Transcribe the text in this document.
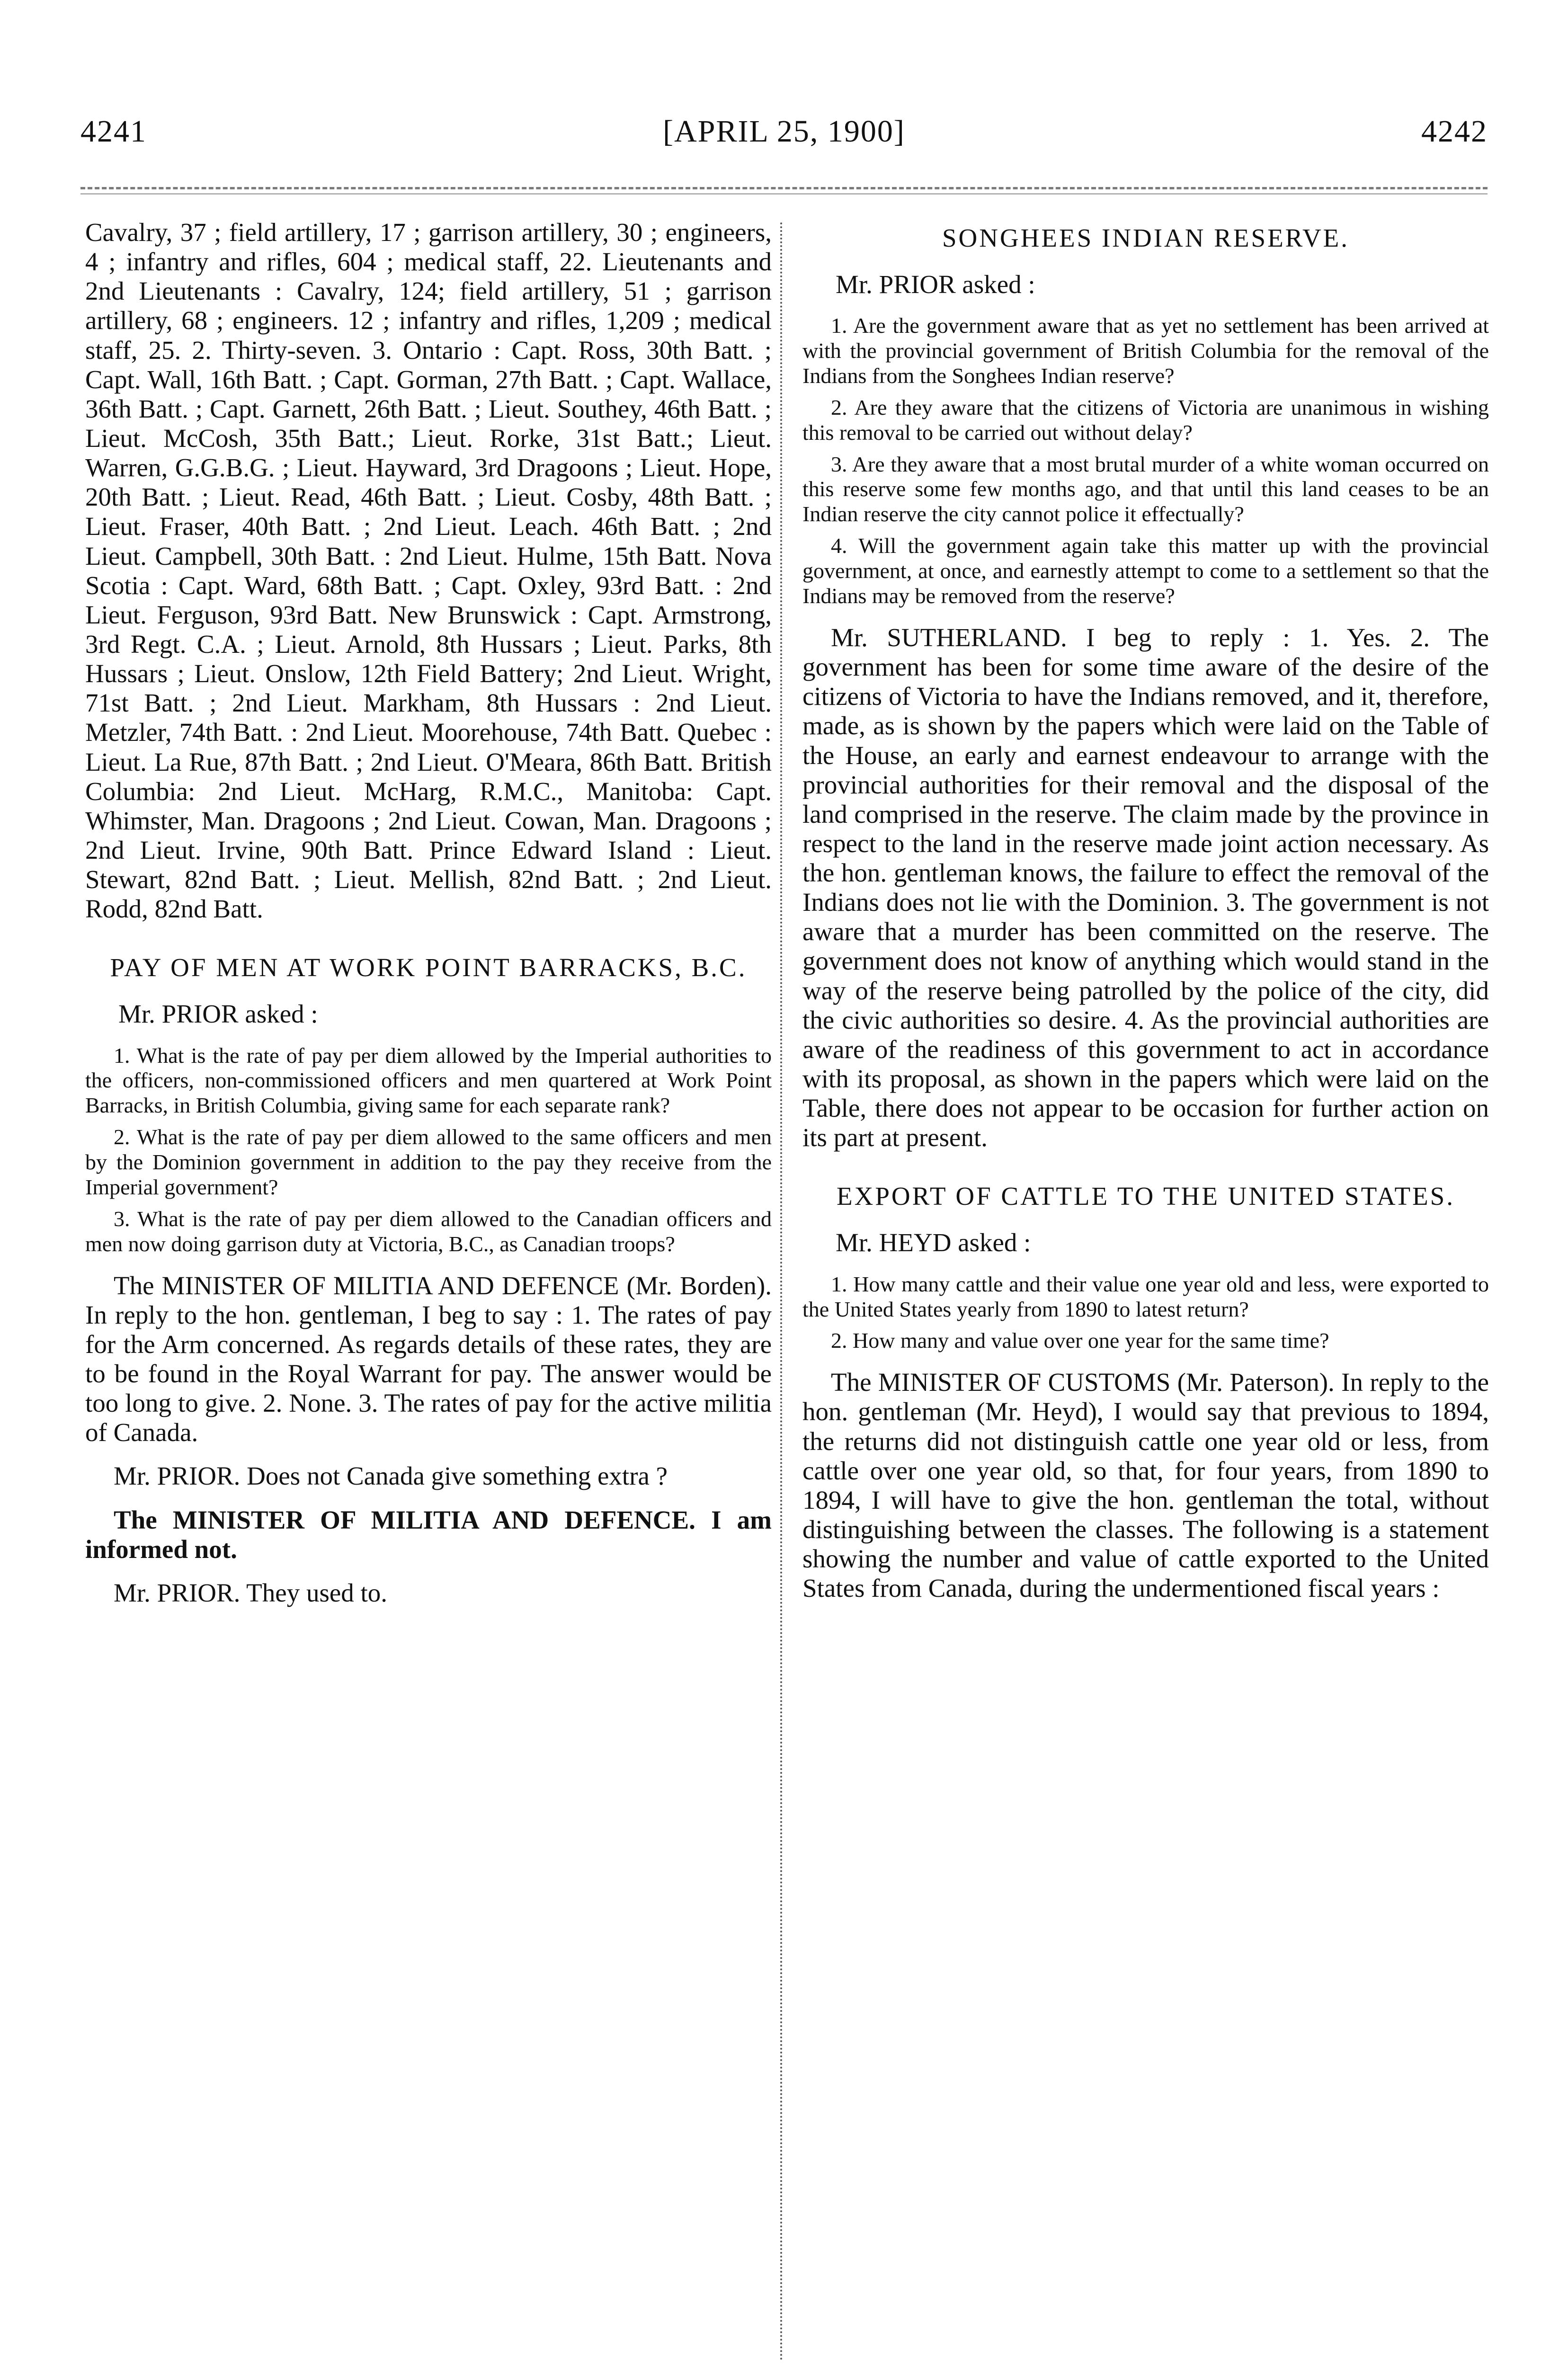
4241	[APRIL 25, 1900]	4242

Cavalry, 37 ; field artillery, 17 ; garrison artillery, 30 ; engineers, 4 ; infantry and rifles, 604 ; medical staff, 22. Lieutenants and 2nd Lieutenants : Cavalry, 124; field artillery, 51 ; garrison artillery, 68 ; engineers. 12 ; infantry and rifles, 1,209 ; medical staff, 25. 2. Thirty-seven. 3. Ontario : Capt. Ross, 30th Batt. ; Capt. Wall, 16th Batt. ; Capt. Gorman, 27th Batt. ; Capt. Wallace, 36th Batt. ; Capt. Garnett, 26th Batt. ; Lieut. Southey, 46th Batt. ; Lieut. McCosh, 35th Batt.; Lieut. Rorke, 31st Batt.; Lieut. Warren, G.G.B.G. ; Lieut. Hayward, 3rd Dragoons ; Lieut. Hope, 20th Batt. ; Lieut. Read, 46th Batt. ; Lieut. Cosby, 48th Batt. ; Lieut. Fraser, 40th Batt. ; 2nd Lieut. Leach. 46th Batt. ; 2nd Lieut. Campbell, 30th Batt. : 2nd Lieut. Hulme, 15th Batt. Nova Scotia : Capt. Ward, 68th Batt. ; Capt. Oxley, 93rd Batt. : 2nd Lieut. Ferguson, 93rd Batt. New Brunswick : Capt. Armstrong, 3rd Regt. C.A. ; Lieut. Arnold, 8th Hussars ; Lieut. Parks, 8th Hussars ; Lieut. Onslow, 12th Field Battery; 2nd Lieut. Wright, 71st Batt. ; 2nd Lieut. Markham, 8th Hussars : 2nd Lieut. Metzler, 74th Batt. : 2nd Lieut. Moorehouse, 74th Batt. Quebec : Lieut. La Rue, 87th Batt. ; 2nd Lieut. O'Meara, 86th Batt. British Columbia: 2nd Lieut. McHarg, R.M.C., Manitoba: Capt. Whimster, Man. Dragoons ; 2nd Lieut. Cowan, Man. Dragoons ; 2nd Lieut. Irvine, 90th Batt. Prince Edward Island : Lieut. Stewart, 82nd Batt. ; Lieut. Mellish, 82nd Batt. ; 2nd Lieut. Rodd, 82nd Batt.

PAY OF MEN AT WORK POINT BARRACKS, B.C.
Mr. PRIOR asked :

1. What is the rate of pay per diem allowed by the Imperial authorities to the officers, non-commissioned officers and men quartered at Work Point Barracks, in British Columbia, giving same for each separate rank?

2. What is the rate of pay per diem allowed to the same officers and men by the Dominion government in addition to the pay they receive from the Imperial government?

3. What is the rate of pay per diem allowed to the Canadian officers and men now doing garrison duty at Victoria, B.C., as Canadian troops?

The MINISTER OF MILITIA AND DEFENCE (Mr. Borden). In reply to the hon. gentleman, I beg to say : 1. The rates of pay for the Arm concerned. As regards details of these rates, they are to be found in the Royal Warrant for pay. The answer would be too long to give. 2. None. 3. The rates of pay for the active militia of Canada.

Mr. PRIOR. Does not Canada give something extra ?

The MINISTER OF MILITIA AND DEFENCE. I am informed not.

Mr. PRIOR. They used to.

SONGHEES INDIAN RESERVE.
Mr. PRIOR asked :

1. Are the government aware that as yet no settlement has been arrived at with the provincial government of British Columbia for the removal of the Indians from the Songhees Indian reserve?

2. Are they aware that the citizens of Victoria are unanimous in wishing this removal to be carried out without delay?

3. Are they aware that a most brutal murder of a white woman occurred on this reserve some few months ago, and that until this land ceases to be an Indian reserve the city cannot police it effectually?

4. Will the government again take this matter up with the provincial government, at once, and earnestly attempt to come to a settlement so that the Indians may be removed from the reserve?

Mr. SUTHERLAND. I beg to reply : 1. Yes. 2. The government has been for some time aware of the desire of the citizens of Victoria to have the Indians removed, and it, therefore, made, as is shown by the papers which were laid on the Table of the House, an early and earnest endeavour to arrange with the provincial authorities for their removal and the disposal of the land comprised in the reserve. The claim made by the province in respect to the land in the reserve made joint action necessary. As the hon. gentleman knows, the failure to effect the removal of the Indians does not lie with the Dominion. 3. The government is not aware that a murder has been committed on the reserve. The government does not know of anything which would stand in the way of the reserve being patrolled by the police of the city, did the civic authorities so desire. 4. As the provincial authorities are aware of the readiness of this government to act in accordance with its proposal, as shown in the papers which were laid on the Table, there does not appear to be occasion for further action on its part at present.

EXPORT OF CATTLE TO THE UNITED STATES.
Mr. HEYD asked :

1. How many cattle and their value one year old and less, were exported to the United States yearly from 1890 to latest return?

2. How many and value over one year for the same time?

The MINISTER OF CUSTOMS (Mr. Paterson). In reply to the hon. gentleman (Mr. Heyd), I would say that previous to 1894, the returns did not distinguish cattle one year old or less, from cattle over one year old, so that, for four years, from 1890 to 1894, I will have to give the hon. gentleman the total, without distinguishing between the classes. The following is a statement showing the number and value of cattle exported to the United States from Canada, during the undermentioned fiscal years :
